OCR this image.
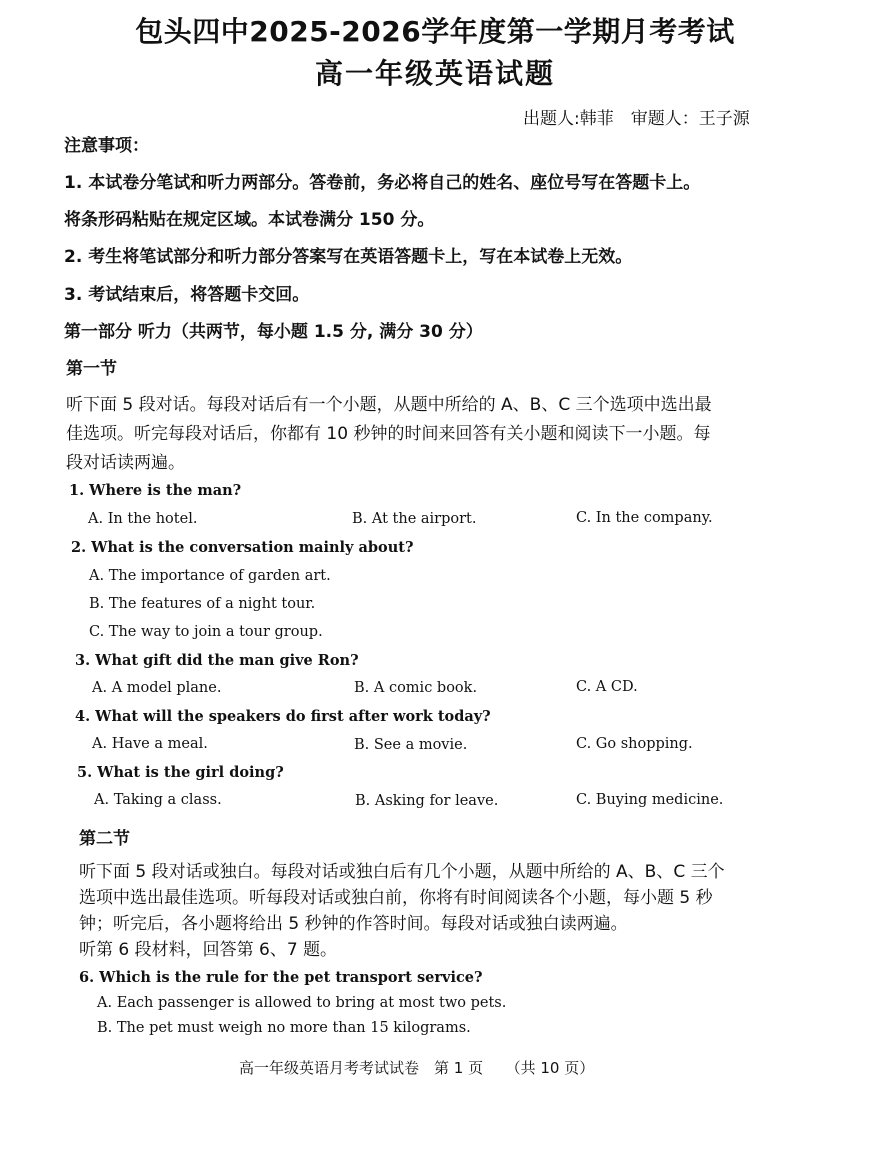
包头四中2025-2026学年度第一学期月考考试
高一年级英语试题
出题人:韩菲　审题人：王子源
注意事项：
1. 本试卷分笔试和听力两部分。答卷前，务必将自己的姓名、座位号写在答题卡上。
将条形码粘贴在规定区域。本试卷满分 150 分。
2. 考生将笔试部分和听力部分答案写在英语答题卡上，写在本试卷上无效。
3. 考试结束后，将答题卡交回。
第一部分 听力（共两节，每小题 1.5 分, 满分 30 分）
第一节
听下面 5 段对话。每段对话后有一个小题，从题中所给的 A、B、C 三个选项中选出最
佳选项。听完每段对话后，你都有 10 秒钟的时间来回答有关小题和阅读下一小题。每
段对话读两遍。
1. Where is the man?
A. In the hotel.	B. At the airport.	C. In the company.
2. What is the conversation mainly about?
A. The importance of garden art.
B. The features of a night tour.
C. The way to join a tour group.
3. What gift did the man give Ron?
A. A model plane.	B. A comic book.	C. A CD.
4. What will the speakers do first after work today?
A. Have a meal.	B. See a movie.	C. Go shopping.
5. What is the girl doing?
A. Taking a class.	B. Asking for leave.	C. Buying medicine.
第二节
听下面 5 段对话或独白。每段对话或独白后有几个小题，从题中所给的 A、B、C 三个
选项中选出最佳选项。听每段对话或独白前，你将有时间阅读各个小题，每小题 5 秒
钟；听完后，各小题将给出 5 秒钟的作答时间。每段对话或独白读两遍。
听第 6 段材料，回答第 6、7 题。
6. Which is the rule for the pet transport service?
A. Each passenger is allowed to bring at most two pets.
B. The pet must weigh no more than 15 kilograms.
高一年级英语月考考试试卷　第 1 页　　（共 10 页）
